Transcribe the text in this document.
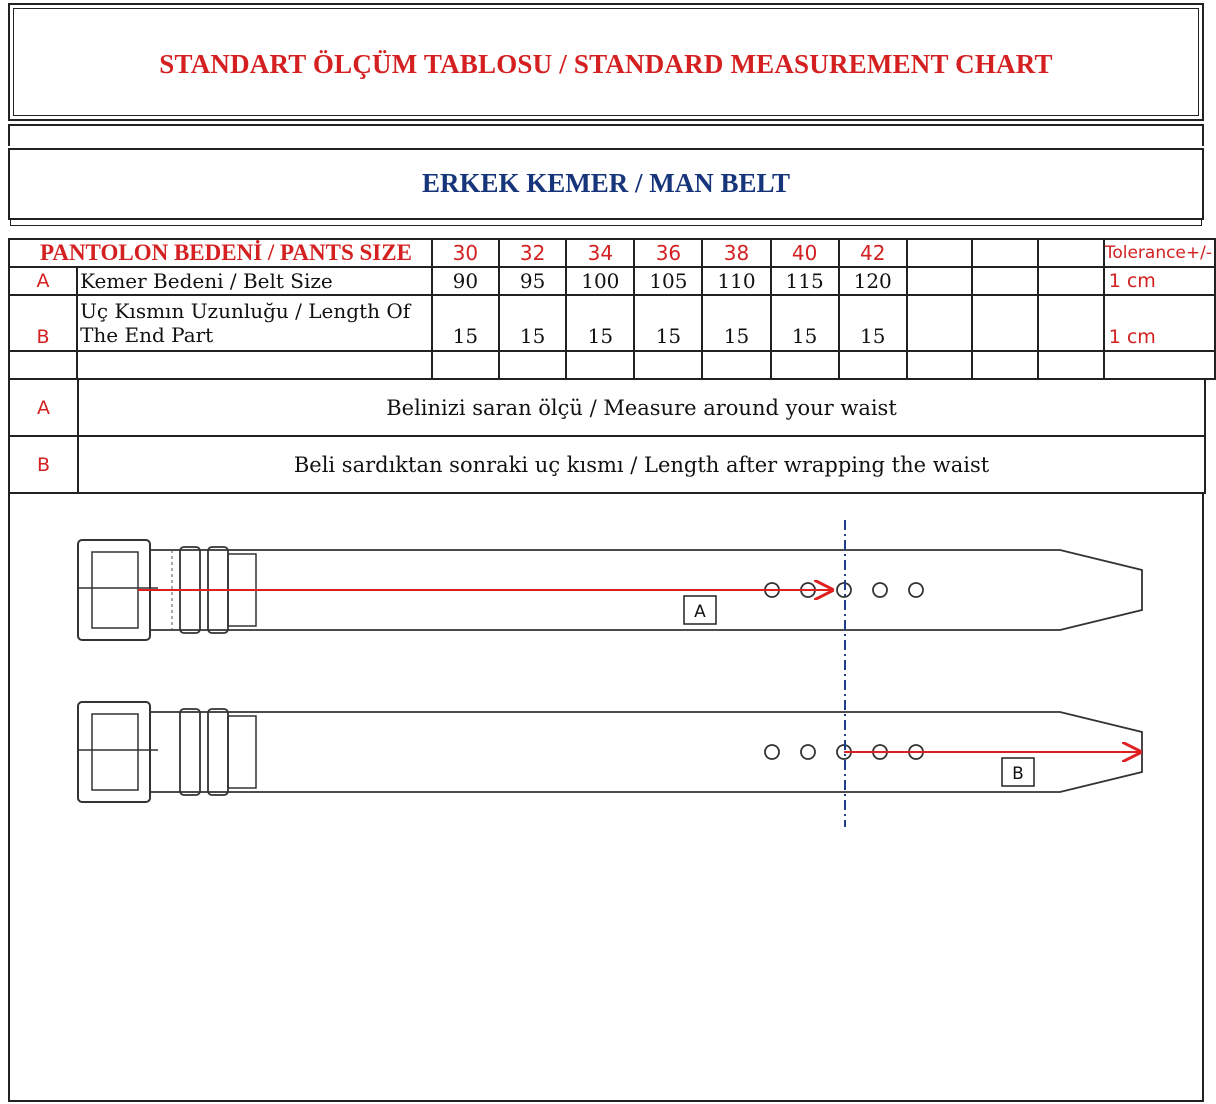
STANDART ÖLÇÜM TABLOSU / STANDARD MEASUREMENT CHART
ERKEK KEMER / MAN BELT
PANTOLON BEDENİ / PANTS SIZE		30	32	34	36	38	40	42				Tolerance+/-
A	Kemer Bedeni / Belt Size	90	95	100	105	110	115	120				1 cm
B	Uç Kısmın Uzunluğu / Length Of
The End Part	15	15	15	15	15	15	15				1 cm

A	Belinizi saran ölçü / Measure around your waist
B	Beli sardıktan sonraki uç kısmı / Length after wrapping the waist
A
B
